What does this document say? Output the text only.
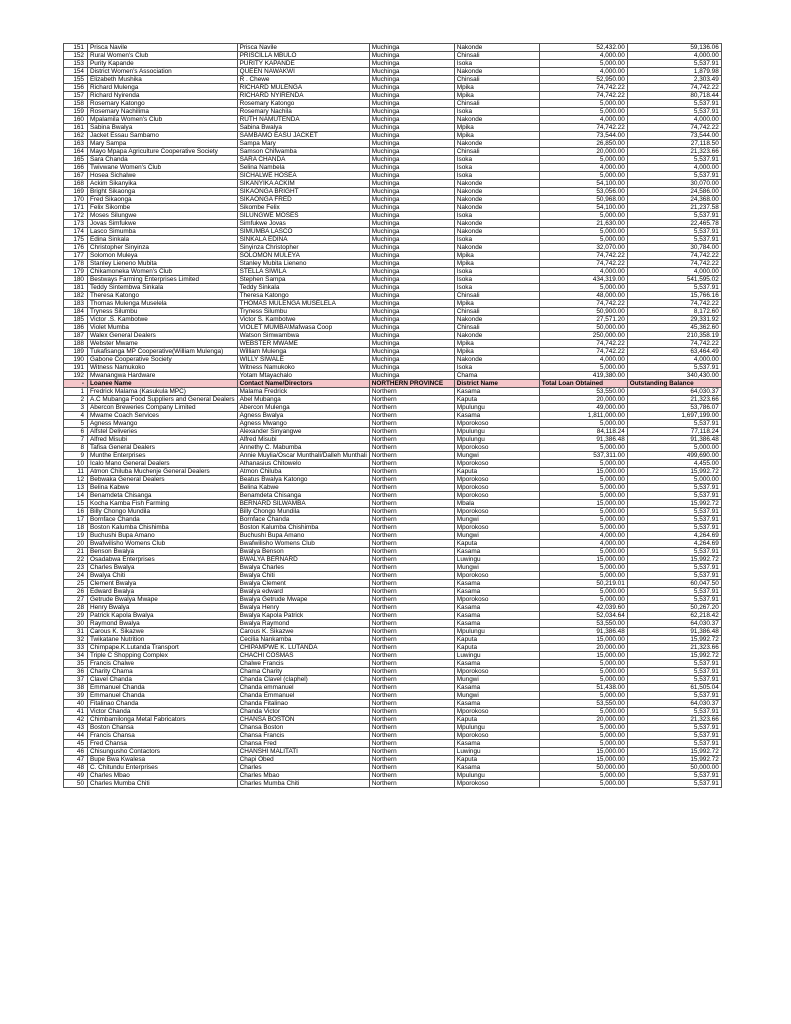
151	Prisca Navile	Prisca Navile	Muchinga	Nakonde	52,432.00	59,136.06
152	Rural Women's Club	PRISCILLA MBULO	Muchinga	Chinsali	4,000.00	4,000.00
153	Purity Kapande	PURITY KAPANDE	Muchinga	Isoka	5,000.00	5,537.91
154	District Women's Association	QUEEN NAWAKWI	Muchinga	Nakonde	4,000.00	1,879.98
155	Elizabeth Mushika	R . Chewe	Muchinga	Chinsali	52,950.00	2,303.49
156	Richard Mulenga	RICHARD MULENGA	Muchinga	Mpika	74,742.22	74,742.22
157	Richard Nyirenda	RICHARD NYIRENDA	Muchinga	Mpika	74,742.22	80,718.44
158	Rosemary Katongo	Rosemary Katongo	Muchinga	Chinsali	5,000.00	5,537.91
159	Rosemary Nachilima	Rosemary Nachila	Muchinga	Isoka	5,000.00	5,537.91
160	Mpalamila Women's Club	RUTH NAMUTENDA	Muchinga	Nakonde	4,000.00	4,000.00
161	Sabina Bwalya	Sabina Bwalya	Muchinga	Mpika	74,742.22	74,742.22
162	Jacket Essau Sambamo	SAMBAMO EASU JACKET	Muchinga	Mpika	73,544.00	73,544.00
163	Mary Sampa	Sampa Mary	Muchinga	Nakonde	26,850.00	27,118.50
164	Mayo Mpapa Agriculture Cooperative Society	Samson Chifwamba	Muchinga	Chinsali	20,000.00	21,323.66
165	Sara Chanda	SARA CHANDA	Muchinga	Isoka	5,000.00	5,537.91
166	Twivwane Women's Club	Selina Nambela	Muchinga	Isoka	4,000.00	4,000.00
167	Hosea Sichalwe	SICHALWE HOSEA	Muchinga	Isoka	5,000.00	5,537.91
168	Ackim Sikanyika	SIKANYIKA ACKIM	Muchinga	Nakonde	54,100.00	30,070.00
169	Bright Sikaonga	SIKAONGA BRIGHT	Muchinga	Nakonde	53,056.00	24,586.00
170	Fred Sikaonga	SIKAONGA FRED	Muchinga	Nakonde	50,968.00	24,368.00
171	Felix Sikombe	Sikombe Felix	Muchinga	Nakonde	54,100.00	21,237.58
172	Moses Silungwe	SILUNGWE MOSES	Muchinga	Isoka	5,000.00	5,537.91
173	Jovas Simfukwe	Simfukwe Jovas	Muchinga	Nakonde	21,630.00	22,465.78
174	Lasco Simumba	SIMUMBA LASCO	Muchinga	Nakonde	5,000.00	5,537.91
175	Edina Sinkala	SINKALA EDINA	Muchinga	Isoka	5,000.00	5,537.91
176	Christopher Sinyinza	Sinyinza Christopher	Muchinga	Nakonde	32,070.00	30,784.00
177	Solomon Muleya	SOLOMON MULEYA	Muchinga	Mpika	74,742.22	74,742.22
178	Stanley Lieneno Mubita	Stanley Mubita Lieneno	Muchinga	Mpika	74,742.22	74,742.22
179	Chikamoneka Women's Club	STELLA SIWILA	Muchinga	Isoka	4,000.00	4,000.00
180	Bestways Farming Enterprises Limited	Stephen Sampa	Muchinga	Isoka	434,319.00	541,595.02
181	Teddy Sintembwa Sinkala	Teddy Sinkala	Muchinga	Isoka	5,000.00	5,537.91
182	Theresa Katongo	Theresa Katongo	Muchinga	Chinsali	48,000.00	15,766.16
183	Thomas Mulenga Muselela	THOMAS MULENGA MUSELELA	Muchinga	Mpika	74,742.22	74,742.22
184	Tryness Silumbu	Tryness Silumbu	Muchinga	Chinsali	50,900.00	8,172.60
185	Victor .S. Kambotwe	Victor S. Kambotwe	Muchinga	Nakonde	27,571.20	29,331.92
186	Violet Mumba	VIOLET MUMBA\Mafwasa Coop	Muchinga	Chinsali	50,000.00	45,362.60
187	Walex General Dealers	Watson Simwambwa	Muchinga	Nakonde	250,000.00	210,358.19
188	Webster Mwame	WEBSTER MWAME	Muchinga	Mpika	74,742.22	74,742.22
189	Tukafisanga MP Cooperative(William Mulenga)	William Mulenga	Muchinga	Mpika	74,742.22	63,464.49
190	Gabone Cooperative Society	WILLY SIWALE	Muchinga	Nakonde	4,000.00	4,000.00
191	Witness Namukoko	Witness Namukoko	Muchinga	Isoka	5,000.00	5,537.91
192	Mwanangwa Hardware	Yotam Mtayachalo	Muchinga	Chama	419,380.00	340,430.00
-	Loanee Name	Contact Name/Directors	NORTHERN PROVINCE	District Name	Total Loan Obtained	Outstanding Balance
1	Fredrick Malama (Kasukula MPC)	Malama Fredrick	Northern	Kasama	53,550.00	64,030.37
2	A.C Mubanga Food Suppliers and General Dealers	Abel Mubanga	Northern	Kaputa	20,000.00	21,323.66
3	Abercon Breweries Company Limited	Abercon Mulenga	Northern	Mpulungu	49,000.00	53,786.07
4	Mwame Coach Services	Agness Bwalya	Northern	Kasama	1,811,000.00	1,697,199.00
5	Agness Mwango	Agness Mwango	Northern	Mporokoso	5,000.00	5,537.91
6	Alfstel Deliveries	Alexander Sinyangwe	Northern	Mpulungu	84,118.24	77,118.24
7	Alfred Misubi	Alfred Misubi	Northern	Mpulungu	91,386.48	91,386.48
8	Tafisa General Dealers	Annethy C. Mabumba	Northern	Mporokoso	5,000.00	5,000.00
9	Munthe Enterprises	Annie Muylia/Oscar Munthali/Dalleh Munthali	Northern	Mungwi	537,311.00	499,690.00
10	Icalo Mano General Dealers	Athanasius Chitowelo	Northern	Mporokoso	5,000.00	4,455.00
11	Atmon Chiluba Muchenje General Dealers	Atmon Chiluba	Northern	Kaputa	15,000.00	15,992.72
12	Bebwaka General Dealers	Beatus Bwalya Katongo	Northern	Mporokoso	5,000.00	5,000.00
13	Belina Kabwe	Belina Kabwe	Northern	Mporokoso	5,000.00	5,537.91
14	Benamdeta Chisanga	Benamdeta Chisanga	Northern	Mporokoso	5,000.00	5,537.91
15	Kocha Kamba Fish Farming	BERNARD SILWAMBA	Northern	Mbala	15,000.00	15,992.72
16	Billy Chongo Mundila	Billy Chongo Mundila	Northern	Mporokoso	5,000.00	5,537.91
17	Bornface Chanda	Bornface Chanda	Northern	Mungwi	5,000.00	5,537.91
18	Boston Kalumba Chishimba	Boston Kalumba Chishimba	Northern	Mporokoso	5,000.00	5,537.91
19	Buchushi Bupa Amano	Buchushi Bupa Amano	Northern	Mungwi	4,000.00	4,264.69
20	Bwafwilisho Womens Club	Bwafwilisho Womens Club	Northern	Kaputa	4,000.00	4,264.69
21	Benson Bwalya	Bwalya Benson	Northern	Kasama	5,000.00	5,537.91
22	Osadabwa Enterprises	BWALYA BERNARD	Northern	Luwingu	15,000.00	15,992.72
23	Charles Bwalya	Bwalya Charles	Northern	Mungwi	5,000.00	5,537.91
24	Bwalya Chiti	Bwalya Chiti	Northern	Mporokoso	5,000.00	5,537.91
25	Clement Bwalya	Bwalya Clement	Northern	Kasama	50,219.01	60,047.50
26	Edward Bwalya	Bwalya edward	Northern	Kasama	5,000.00	5,537.91
27	Getrude Bwalya Mwape	Bwalya Getrude Mwape	Northern	Mporokoso	5,000.00	5,537.91
28	Henry Bwalya	Bwalya Henry	Northern	Kasama	42,039.60	50,267.20
29	Patrick Kapola Bwalya	Bwalya Kapola Patrick	Northern	Kasama	52,034.64	62,218.42
30	Raymond Bwalya	Bwalya Raymond	Northern	Kasama	53,550.00	64,030.37
31	Carous K. Sikazwe	Carous K. Sikazwe	Northern	Mpulungu	91,386.48	91,386.48
32	Twikatane Nutrition	Cecilia Nankamba	Northern	Kaputa	15,000.00	15,992.72
33	Chimpape.K.Lutanda Transport	CHIPAMPWE K. LUTANDA	Northern	Kaputa	20,000.00	21,323.66
34	Triple C Shopping Complex	CHACHI COSMAS	Northern	Luwingu	15,000.00	15,992.72
35	Francis Chalwe	Chalwe Francis	Northern	Kasama	5,000.00	5,537.91
36	Charity Chama	Chama Charity	Northern	Mporokoso	5,000.00	5,537.91
37	Clavel Chanda	Chanda Clavel (claphel)	Northern	Mungwi	5,000.00	5,537.91
38	Emmanuel Chanda	Chanda emmanuel	Northern	Kasama	51,438.00	61,505.04
39	Emmanuel Chanda	Chanda Emmanuel	Northern	Mungwi	5,000.00	5,537.91
40	Fitalinao Chanda	Chanda Fitalinao	Northern	Kasama	53,550.00	64,030.37
41	Victor Chanda	Chanda Victor	Northern	Mporokoso	5,000.00	5,537.91
42	Chimbamilonga Metal Fabricators	CHANSA BOSTON	Northern	Kaputa	20,000.00	21,323.66
43	Boston Chansa	Chansa Boston	Northern	Mpulungu	5,000.00	5,537.91
44	Francis Chansa	Chansa Francis	Northern	Mporokoso	5,000.00	5,537.91
45	Fred Chansa	Chansa Fred	Northern	Kasama	5,000.00	5,537.91
46	Chisungusho Contactors	CHANSHI MALITATI	Northern	Luwingu	15,000.00	15,992.72
47	Bupe Bwa Kwalesa	Chapi Obed	Northern	Kaputa	15,000.00	15,992.72
48	C. Chitundu Enterprises	Charles	Northern	Kasama	50,000.00	50,000.00
49	Charles Mbao	Charles Mbao	Northern	Mpulungu	5,000.00	5,537.91
50	Charles Mumba Chiti	Charles Mumba Chiti	Northern	Mporokoso	5,000.00	5,537.91
